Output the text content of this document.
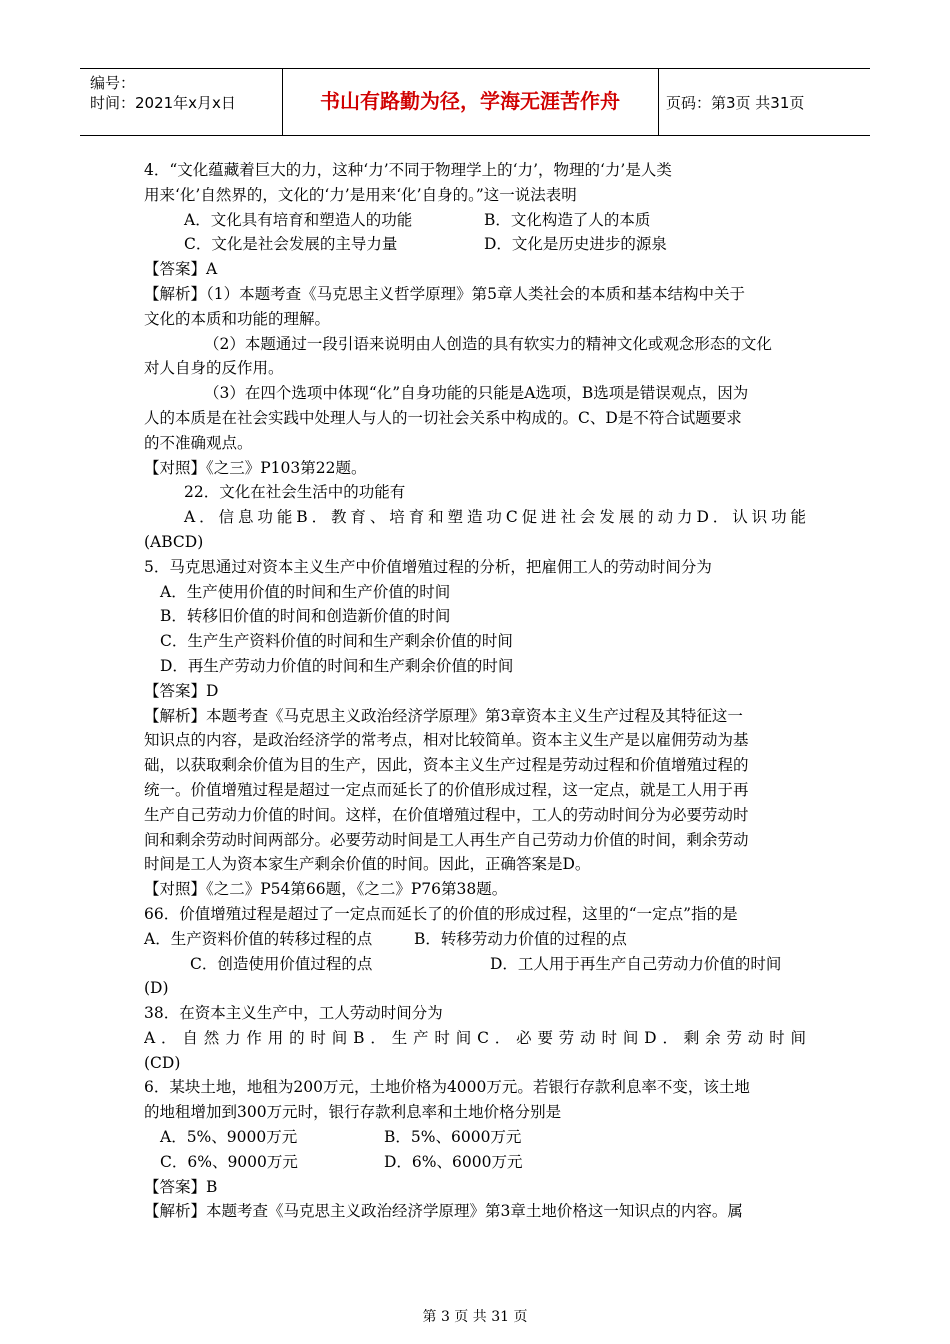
编号：
时间：2021年x月x日	书山有路勤为径，学海无涯苦作舟	页码：第3页 共31页
4．“文化蕴藏着巨大的力，这种‘力’不同于物理学上的‘力’，物理的‘力’是人类
用来‘化’自然界的，文化的‘力’是用来‘化’自身的。”这一说法表明
A．文化具有培育和塑造人的功能	B．文化构造了人的本质
C．文化是社会发展的主导力量	D．文化是历史进步的源泉
【答案】A
【解析】（1）本题考查《马克思主义哲学原理》第5章人类社会的本质和基本结构中关于
文化的本质和功能的理解。
（2）本题通过一段引语来说明由人创造的具有软实力的精神文化或观念形态的文化
对人自身的反作用。
（3）在四个选项中体现“化”自身功能的只能是A选项，B选项是错误观点，因为
人的本质是在社会实践中处理人与人的一切社会关系中构成的。C、D是不符合试题要求
的不准确观点。
【对照】《之三》P103第22题。
22．文化在社会生活中的功能有
A．信息功能B．教育、培育和塑造功C促进社会发展的动力D．认识功能
(ABCD)
5．马克思通过对资本主义生产中价值增殖过程的分析，把雇佣工人的劳动时间分为
A．生产使用价值的时间和生产价值的时间
B．转移旧价值的时间和创造新价值的时间
C．生产生产资料价值的时间和生产剩余价值的时间
D．再生产劳动力价值的时间和生产剩余价值的时间
【答案】D
【解析】本题考查《马克思主义政治经济学原理》第3章资本主义生产过程及其特征这一
知识点的内容，是政治经济学的常考点，相对比较简单。资本主义生产是以雇佣劳动为基
础，以获取剩余价值为目的生产，因此，资本主义生产过程是劳动过程和价值增殖过程的
统一。价值增殖过程是超过一定点而延长了的价值形成过程，这一定点，就是工人用于再
生产自己劳动力价值的时间。这样，在价值增殖过程中，工人的劳动时间分为必要劳动时
间和剩余劳动时间两部分。必要劳动时间是工人再生产自己劳动力价值的时间，剩余劳动
时间是工人为资本家生产剩余价值的时间。因此，正确答案是D。
【对照】《之二》P54第66题，《之二》P76第38题。
66．价值增殖过程是超过了一定点而延长了的价值的形成过程，这里的“一定点”指的是
A．生产资料价值的转移过程的点	B．转移劳动力价值的过程的点
C．创造使用价值过程的点	D．工人用于再生产自己劳动力价值的时间
(D)
38．在资本主义生产中，工人劳动时间分为
A．自然力作用的时间B．生产时间C．必要劳动时间D．剩余劳动时间
(CD)
6．某块土地，地租为200万元，土地价格为4000万元。若银行存款利息率不变，该土地
的地租增加到300万元时，银行存款利息率和土地价格分别是
A．5%、9000万元	B．5%、6000万元
C．6%、9000万元	D．6%、6000万元
【答案】B
【解析】本题考查《马克思主义政治经济学原理》第3章土地价格这一知识点的内容。属
第 3 页 共 31 页
